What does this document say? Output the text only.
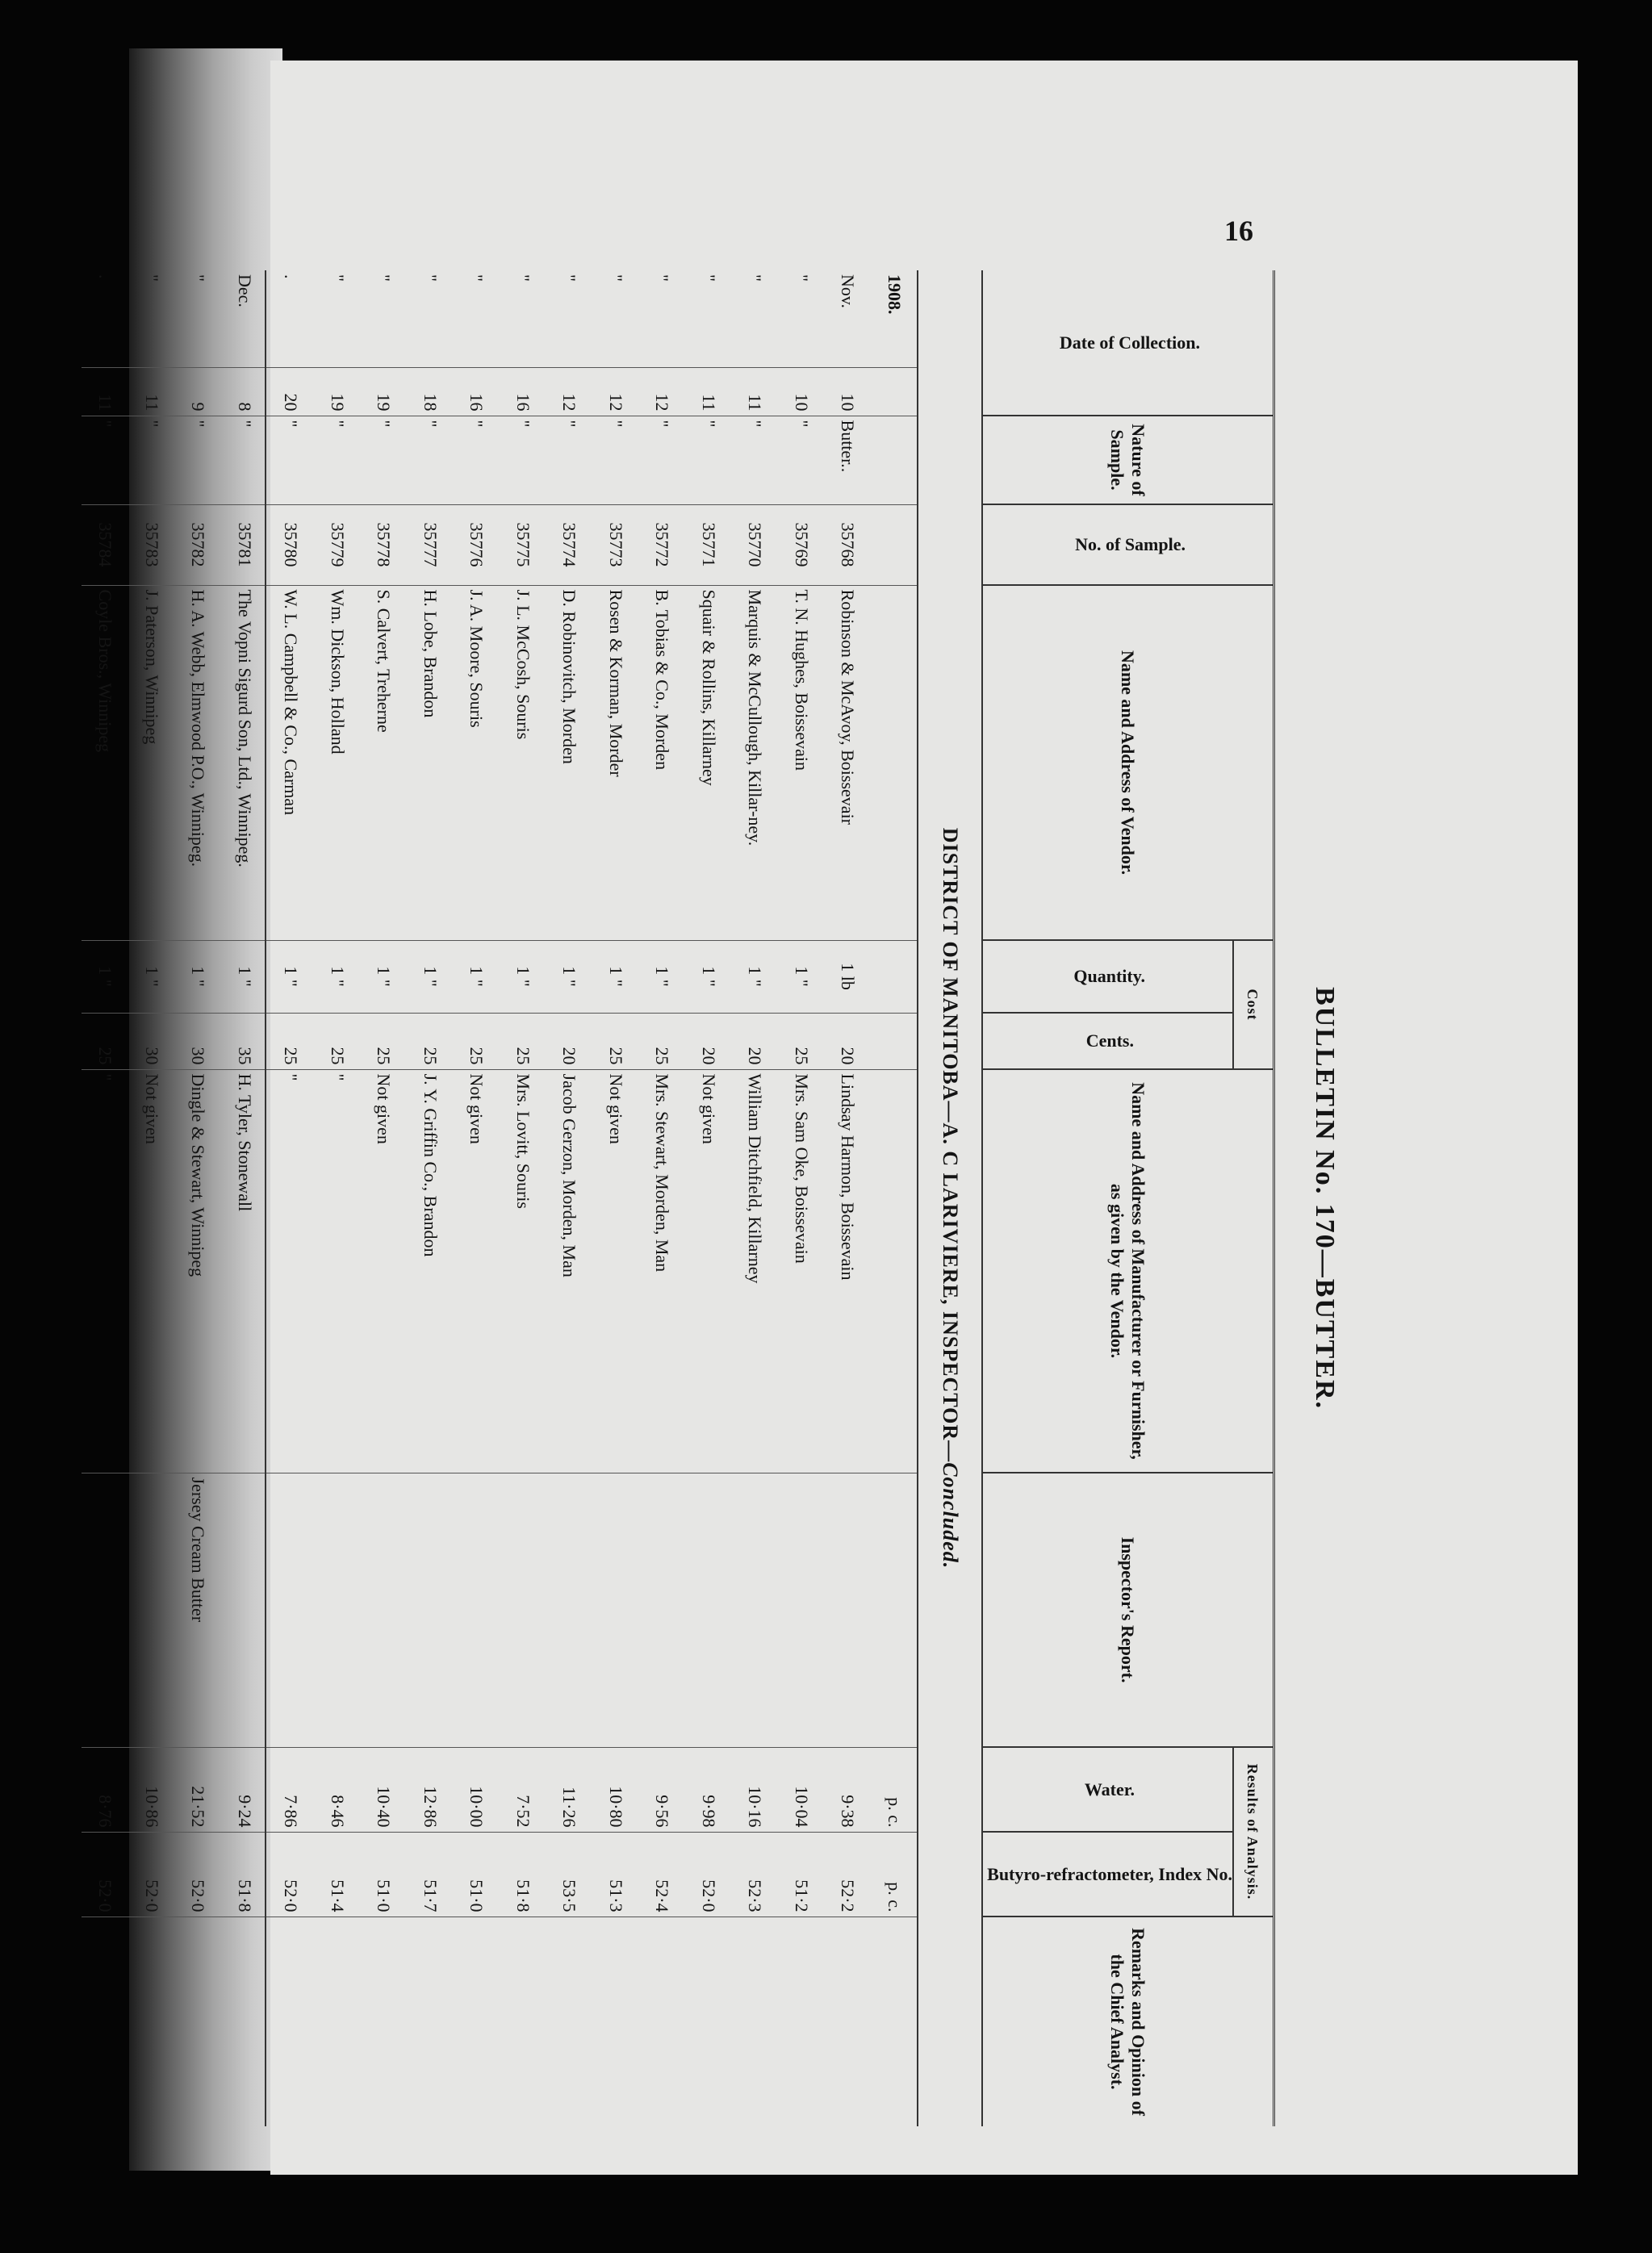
16
BULLETIN No. 170—BUTTER.
Date of Collection.		Nature of Sample.	No. of Sample.	Name and Address of Vendor.	Cost		Name and Address of Manufacturer or Furnisher, as given by the Vendor.	Inspector's Report.	Results of Analysis.		Remarks and Opinion of the Chief Analyst.
					Quantity.	Cents.			Water.	Butyro-refractometer, Index No.	
DISTRICT OF MANITOBA—A. C LARIVIERE, INSPECTOR—Concluded.											
1908.									p. c.	p. c.	
Nov.	10	Butter..	35768	Robinson & McAvoy, Boissevair	1 lb	20	Lindsay Harmon, Boissevain		9·38	52·2	
"	10	"	35769	T. N. Hughes, Boissevain	1 "	25	Mrs. Sam Oke, Boissevain		10·04	51·2	
"	11	"	35770	Marquis & McCullough, Killar-ney.	1 "	20	William Ditchfield, Killarney		10·16	52·3	
"	11	"	35771	Squair & Rollins, Killarney	1 "	20	Not given		9·98	52·0	
"	12	"	35772	B. Tobias & Co., Morden	1 "	25	Mrs. Stewart, Morden, Man		9·56	52·4	
"	12	"	35773	Rosen & Korman, Morder	1 "	25	Not given		10·80	51·3	
"	12	"	35774	D. Robinovitch, Morden	1 "	20	Jacob Gerzon, Morden, Man		11·26	53·5	
"	16	"	35775	J. L. McCosh, Souris	1 "	25	Mrs. Lovitt, Souris		7·52	51·8	
"	16	"	35776	J. A. Moore, Souris	1 "	25	Not given		10·00	51·0	
"	18	"	35777	H. Lobe, Brandon	1 "	25	J. Y. Griffin Co., Brandon		12·86	51·7	
"	19	"	35778	S. Calvert, Treherne	1 "	25	Not given		10·40	51·0	
"	19	"	35779	Wm. Dickson, Holland	1 "	25	"		8·46	51·4	
.	20	"	35780	W. L. Campbell & Co., Carman	1 "	25	"		7·86	52·0	
Dec.	8	"	35781	The Vopni Sigurd Son, Ltd., Winnipeg.	1 "	35	H. Tyler, Stonewall		9·24	51·8	
"	9	"	35782	H. A. Webb, Elmwood P.O., Winnipeg.	1 "	30	Dingle & Stewart, Winnipeg	Jersey Cream Butter	21·52	52·0	
"	11	"	35783	J. Paterson, Winnipeg	1 "	30	Not given		10·86	52·0	
.	11	"	35784	Coyle Bros., Winnipeg	1 "	25	"		8·76	52·0	
